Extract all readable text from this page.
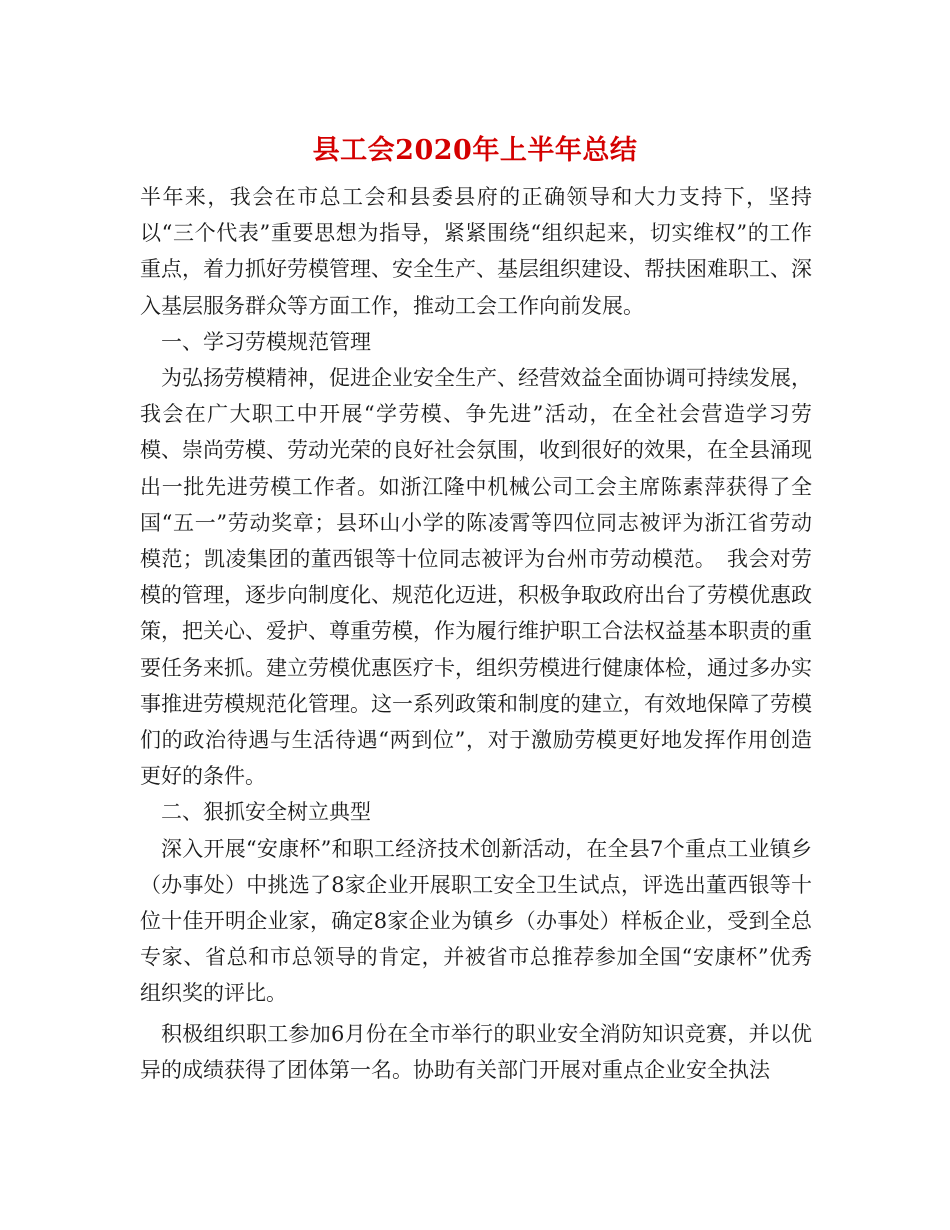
县工会2020年上半年总结

半年来，我会在市总工会和县委县府的正确领导和大力支持下，坚持以“三个代表”重要思想为指导，紧紧围绕“组织起来，切实维权”的工作重点，着力抓好劳模管理、安全生产、基层组织建设、帮扶困难职工、深入基层服务群众等方面工作，推动工会工作向前发展。

一、学习劳模规范管理

为弘扬劳模精神，促进企业安全生产、经营效益全面协调可持续发展，我会在广大职工中开展“学劳模、争先进”活动，在全社会营造学习劳模、崇尚劳模、劳动光荣的良好社会氛围，收到很好的效果，在全县涌现出一批先进劳模工作者。如浙江隆中机械公司工会主席陈素萍获得了全国“五一”劳动奖章；县环山小学的陈凌霄等四位同志被评为浙江省劳动模范；凯凌集团的董西银等十位同志被评为台州市劳动模范。　我会对劳模的管理，逐步向制度化、规范化迈进，积极争取政府出台了劳模优惠政策，把关心、爱护、尊重劳模，作为履行维护职工合法权益基本职责的重要任务来抓。建立劳模优惠医疗卡，组织劳模进行健康体检，通过多办实事推进劳模规范化管理。这一系列政策和制度的建立，有效地保障了劳模们的政治待遇与生活待遇“两到位”，对于激励劳模更好地发挥作用创造更好的条件。

二、狠抓安全树立典型

深入开展“安康杯”和职工经济技术创新活动，在全县7个重点工业镇乡（办事处）中挑选了8家企业开展职工安全卫生试点，评选出董西银等十位十佳开明企业家，确定8家企业为镇乡（办事处）样板企业，受到全总专家、省总和市总领导的肯定，并被省市总推荐参加全国“安康杯”优秀组织奖的评比。

积极组织职工参加6月份在全市举行的职业安全消防知识竞赛，并以优异的成绩获得了团体第一名。协助有关部门开展对重点企业安全执法
